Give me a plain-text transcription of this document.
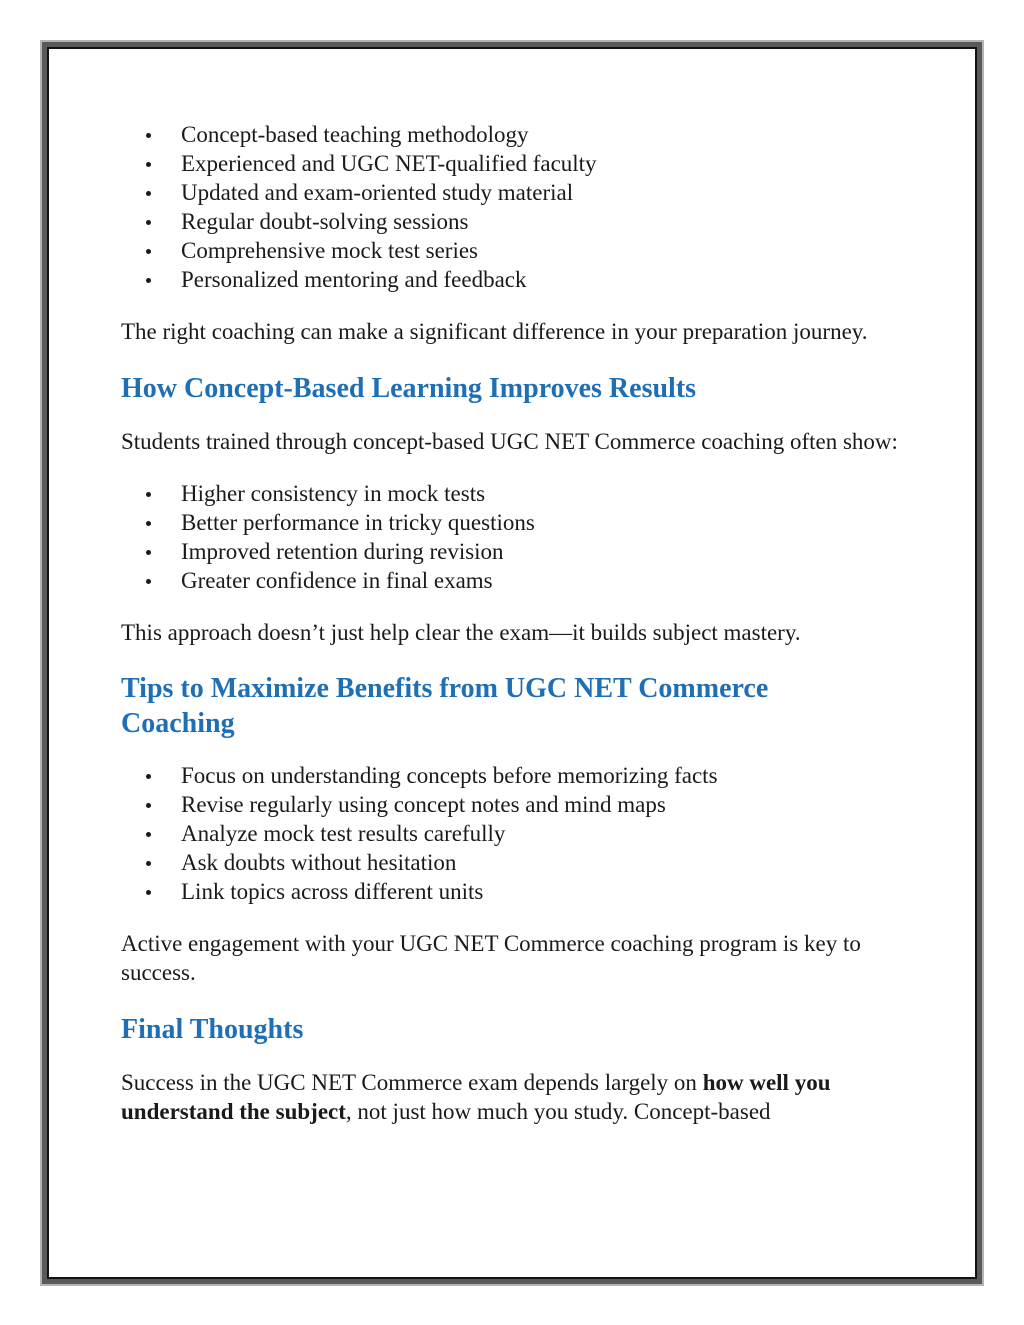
Concept-based teaching methodology
Experienced and UGC NET-qualified faculty
Updated and exam-oriented study material
Regular doubt-solving sessions
Comprehensive mock test series
Personalized mentoring and feedback

The right coaching can make a significant difference in your preparation journey.

How Concept-Based Learning Improves Results

Students trained through concept-based UGC NET Commerce coaching often show:

Higher consistency in mock tests
Better performance in tricky questions
Improved retention during revision
Greater confidence in final exams

This approach doesn’t just help clear the exam—it builds subject mastery.

Tips to Maximize Benefits from UGC NET Commerce Coaching
Focus on understanding concepts before memorizing facts
Revise regularly using concept notes and mind maps
Analyze mock test results carefully
Ask doubts without hesitation
Link topics across different units

Active engagement with your UGC NET Commerce coaching program is key to success.

Final Thoughts

Success in the UGC NET Commerce exam depends largely on how well you understand the subject, not just how much you study. Concept-based
